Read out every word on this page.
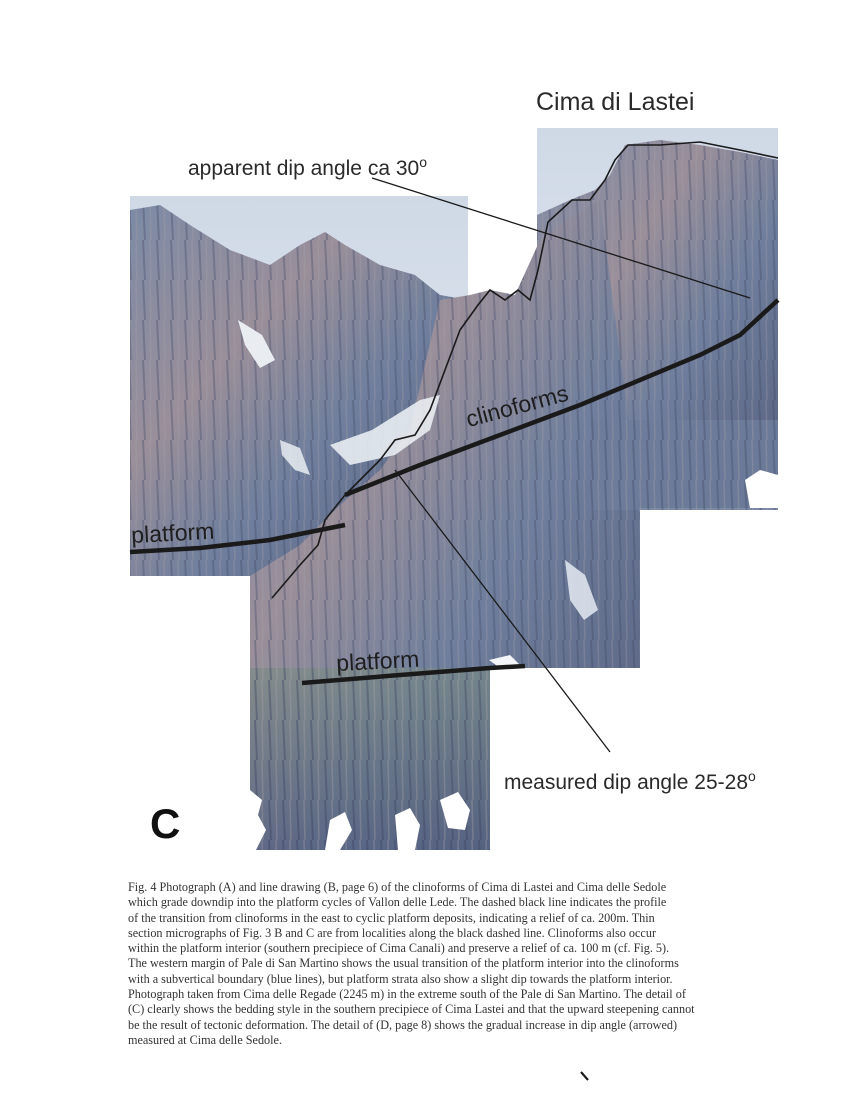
Cima di Lastei
apparent dip angle ca 30$^o$
clinoforms
platform
platform
measured dip angle 25-28$^o$
C

Fig. 4 Photograph (A) and line drawing (B, page 6) of the clinoforms of Cima di Lastei and Cima delle Sedole

which grade downdip into the platform cycles of Vallon delle Lede. The dashed black line indicates the profile

of the transition from clinoforms in the east to cyclic platform deposits, indicating a relief of ca. 200m. Thin

section micrographs of Fig. 3 B and C are from localities along the black dashed line. Clinoforms also occur

within the platform interior (southern precipiece of Cima Canali) and preserve a relief of ca. 100 m (cf. Fig. 5).

The western margin of Pale di San Martino shows the usual transition of the platform interior into the clinoforms

with a subvertical boundary (blue lines), but platform strata also show a slight dip towards the platform interior.

Photograph taken from Cima delle Regade (2245 m) in the extreme south of the Pale di San Martino. The detail of

(C) clearly shows the bedding style in the southern precipiece of Cima Lastei and that the upward steepening cannot

be the result of tectonic deformation. The detail of (D, page 8) shows the gradual increase in dip angle (arrowed)

measured at Cima delle Sedole.
